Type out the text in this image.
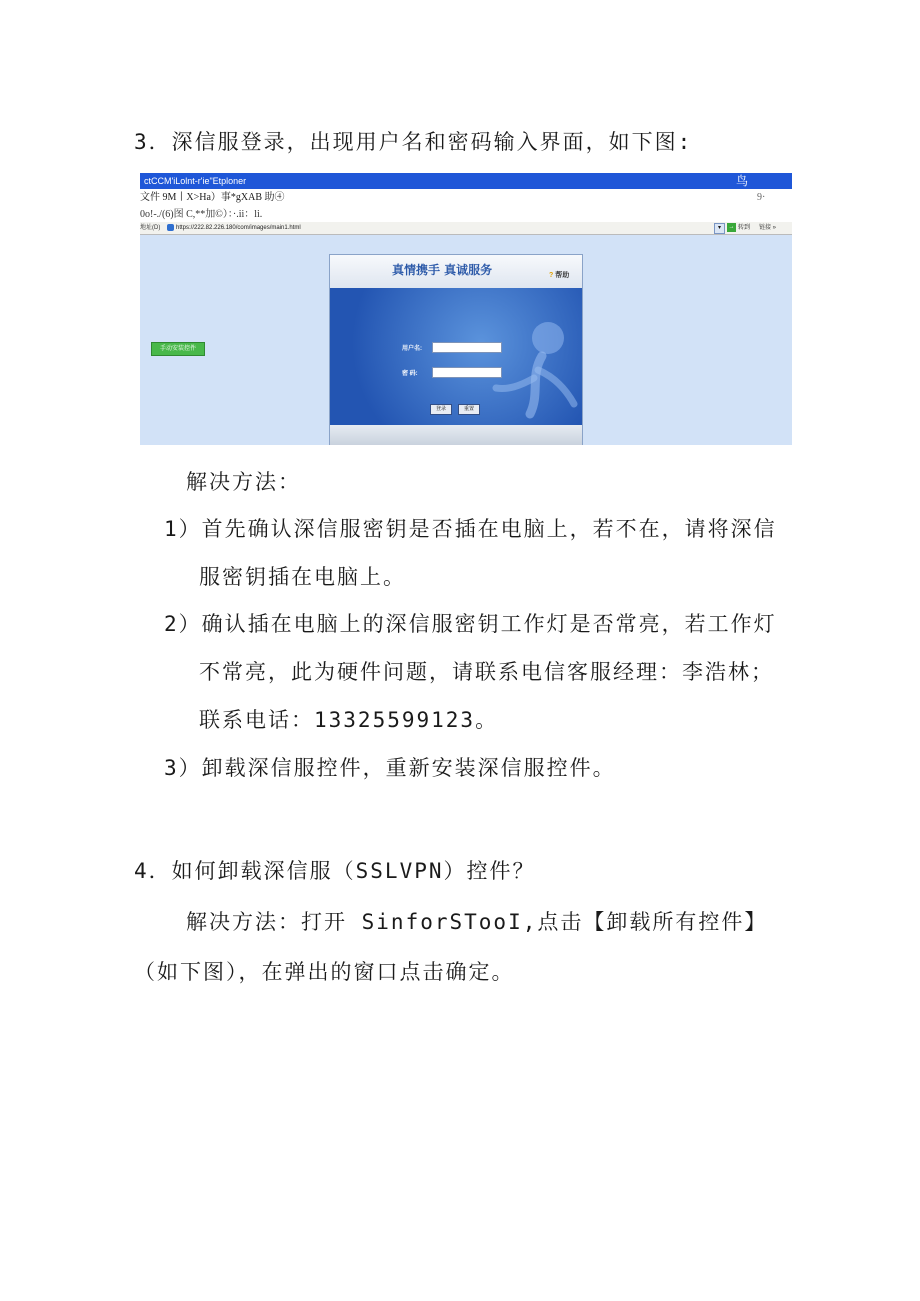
3．深信服登录，出现用户名和密码输入界面，如下图:
ctCCM'iLolnt-r'ie"Etploner	鸟
文件 9M丨X>Ha）事*gXAB 助④	9·
0o!-./(6)图 C,**加©）：·.ii：li.
地址(D)	https://222.82.226.180/com/images/main1.html	▾	→ 转到 链接 »
手动安装控件
真情携手 真诚服务	? 帮助
用户名:
密 码:
登录	重置
解决方法：
1）首先确认深信服密钥是否插在电脑上，若不在，请将深信
服密钥插在电脑上。
2）确认插在电脑上的深信服密钥工作灯是否常亮，若工作灯
不常亮，此为硬件问题，请联系电信客服经理：李浩林；
联系电话：13325599123。
3）卸载深信服控件，重新安装深信服控件。
4．如何卸载深信服（SSLVPN）控件？
解决方法：打开 SinforSTooI,点击【卸载所有控件】
（如下图），在弹出的窗口点击确定。
